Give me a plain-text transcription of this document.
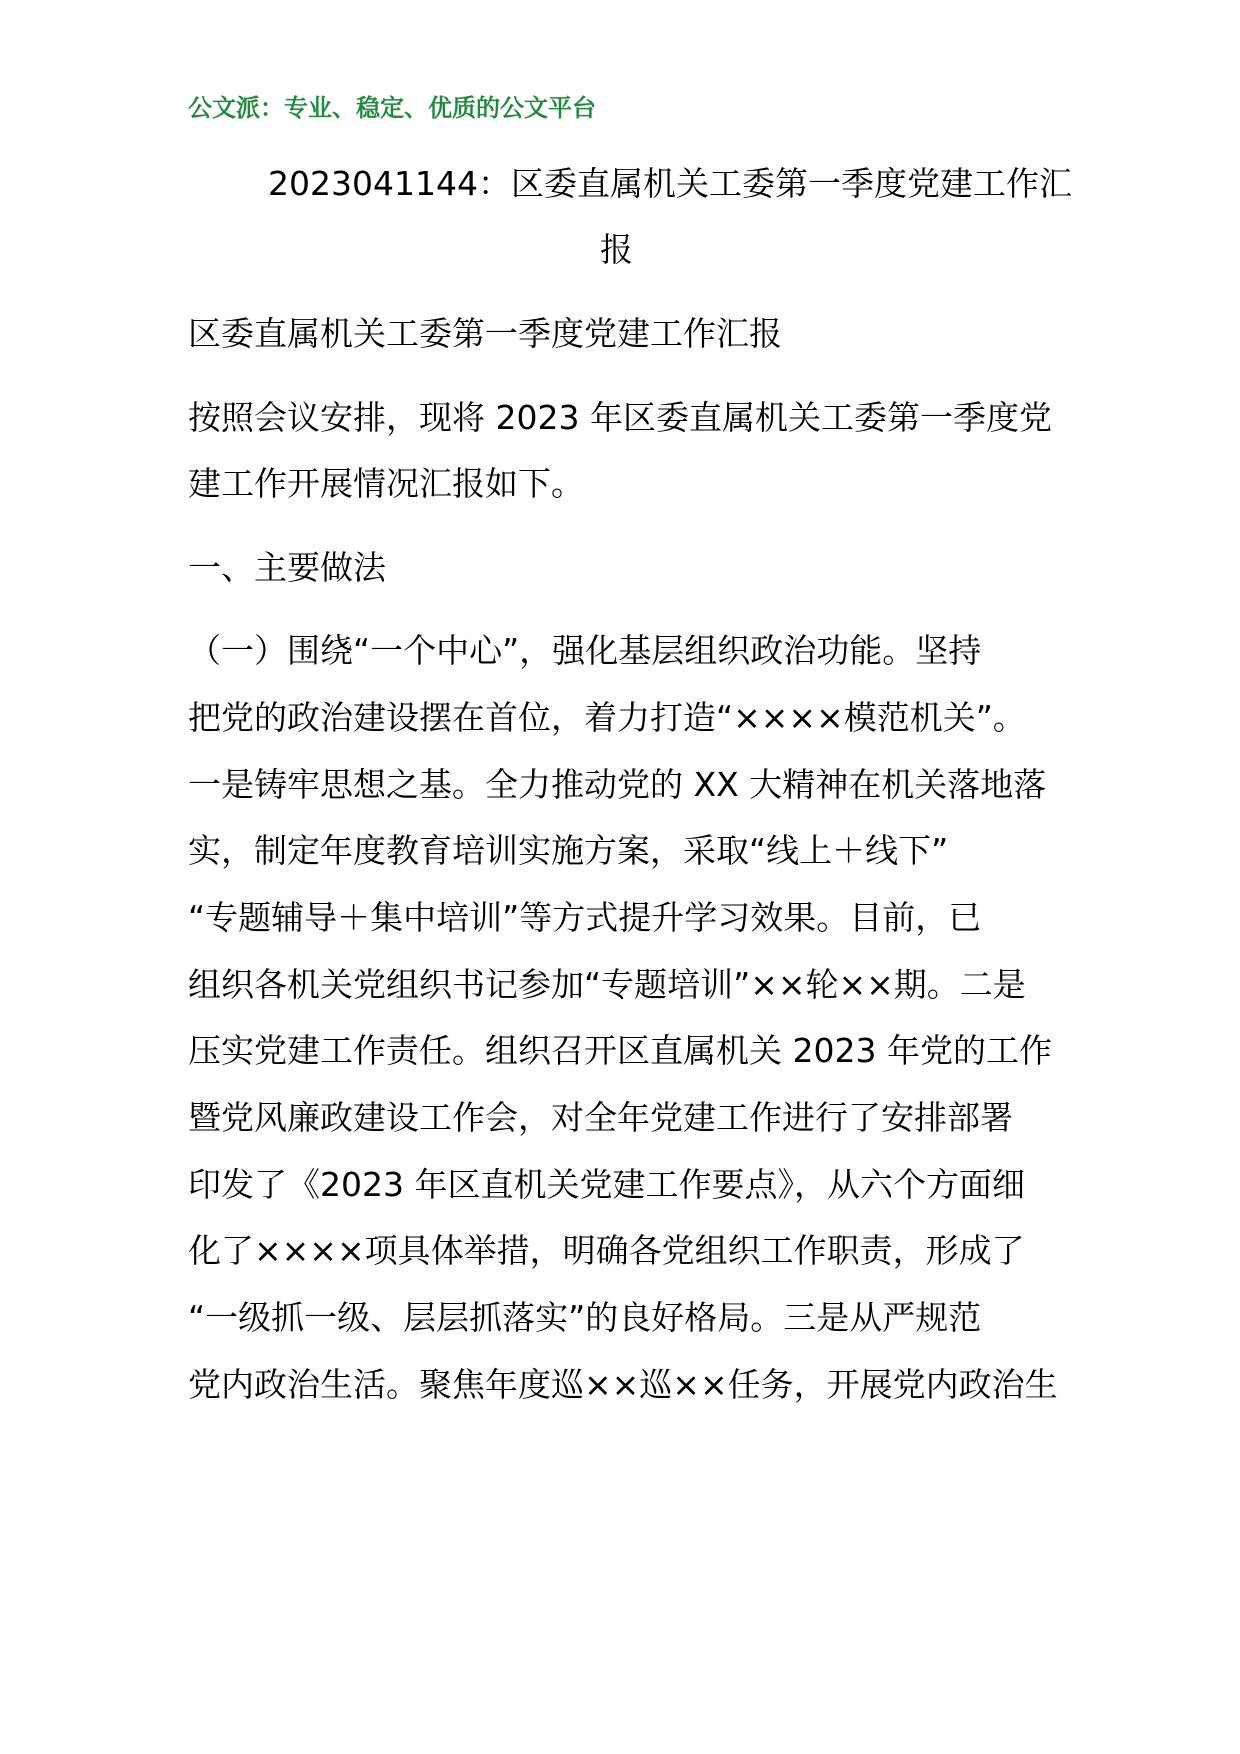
公文派：专业、稳定、优质的公文平台
2023041144：区委直属机关工委第一季度党建工作汇
报
区委直属机关工委第一季度党建工作汇报
按照会议安排，现将 2023 年区委直属机关工委第一季度党
建工作开展情况汇报如下。
一、主要做法
（一）围绕“一个中心”，强化基层组织政治功能。坚持
把党的政治建设摆在首位，着力打造“××××模范机关”。
一是铸牢思想之基。全力推动党的 XX 大精神在机关落地落
实，制定年度教育培训实施方案，采取“线上＋线下”
“专题辅导＋集中培训”等方式提升学习效果。目前，已
组织各机关党组织书记参加“专题培训”××轮××期。二是
压实党建工作责任。组织召开区直属机关 2023 年党的工作
暨党风廉政建设工作会，对全年党建工作进行了安排部署
印发了《2023 年区直机关党建工作要点》，从六个方面细
化了××××项具体举措，明确各党组织工作职责，形成了
“一级抓一级、层层抓落实”的良好格局。三是从严规范
党内政治生活。聚焦年度巡××巡××任务，开展党内政治生
